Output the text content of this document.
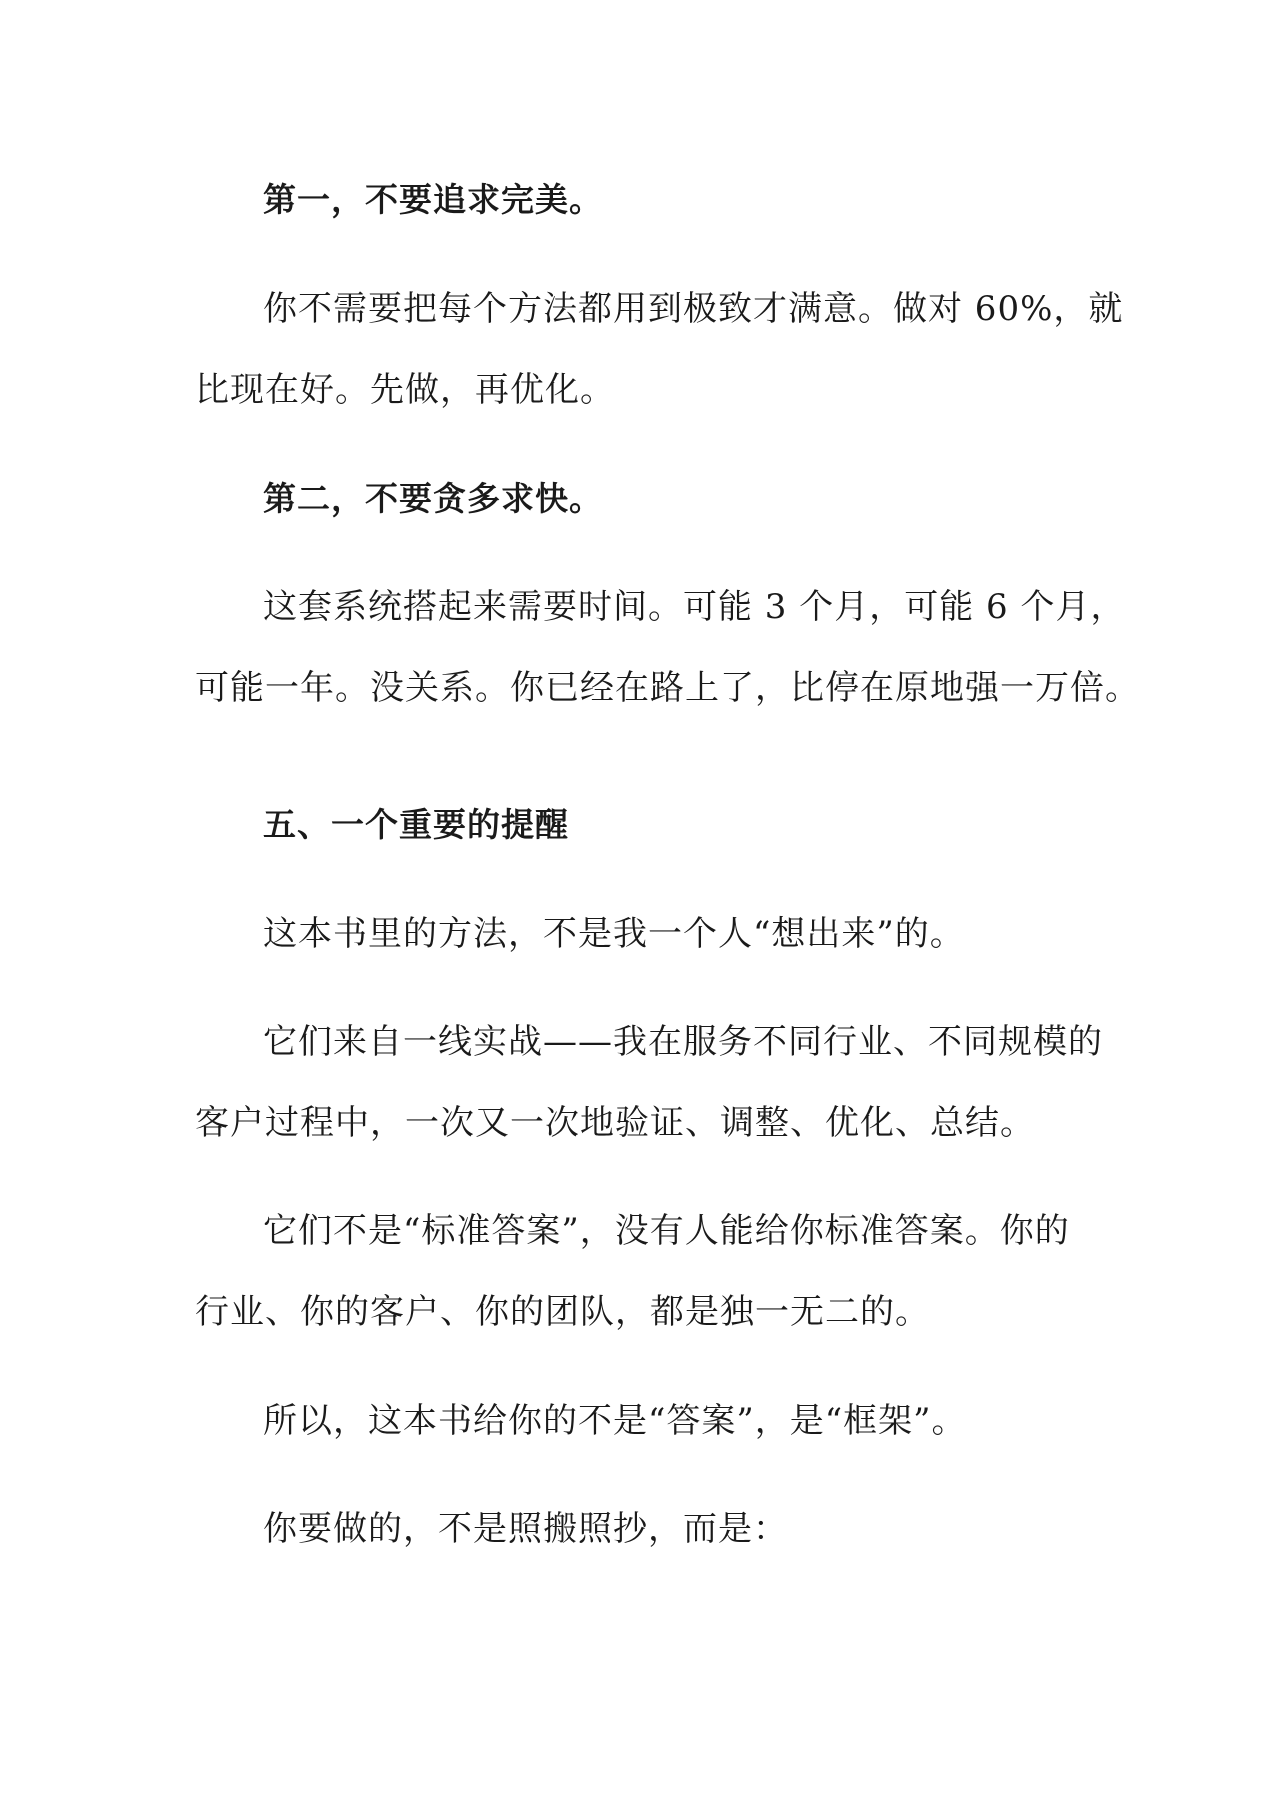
第一，不要追求完美。
你不需要把每个方法都用到极致才满意。做对 60%，就
比现在好。先做，再优化。
第二，不要贪多求快。
这套系统搭起来需要时间。可能 3 个月，可能 6 个月，
可能一年。没关系。你已经在路上了，比停在原地强一万倍。
五、一个重要的提醒
这本书里的方法，不是我一个人“想出来”的。
它们来自一线实战——我在服务不同行业、不同规模的
客户过程中，一次又一次地验证、调整、优化、总结。
它们不是“标准答案”，没有人能给你标准答案。你的
行业、你的客户、你的团队，都是独一无二的。
所以，这本书给你的不是“答案”，是“框架”。
你要做的，不是照搬照抄，而是：
